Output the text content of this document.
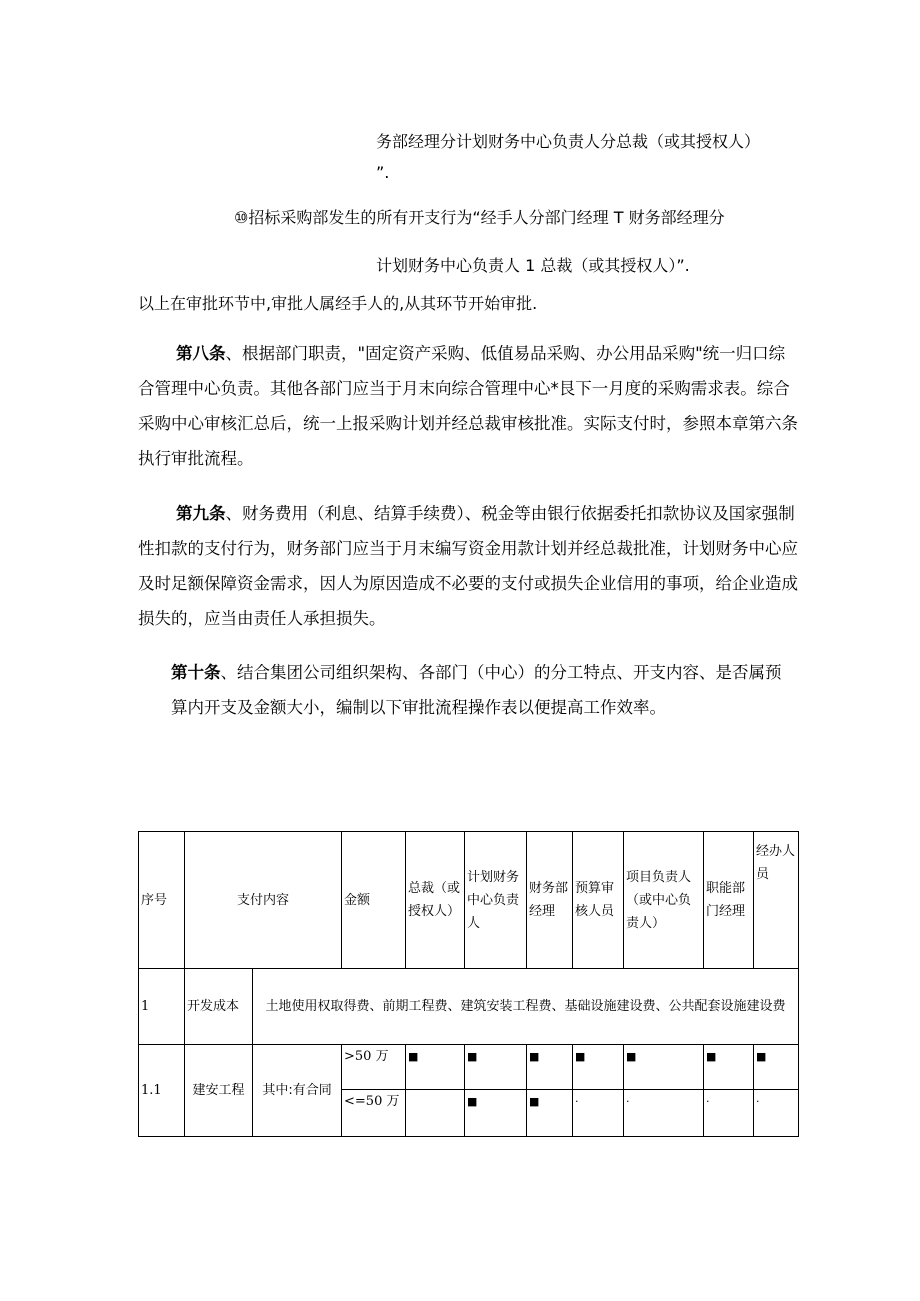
务部经理分计划财务中心负责人分总裁（或其授权人）
”.
⑩招标采购部发生的所有开支行为“经手人分部门经理 T 财务部经理分
计划财务中心负责人 1 总裁（或其授权人）”.
以上在审批环节中,审批人属经手人的,从其环节开始审批.
第八条、根据部门职责，"固定资产采购、低值易品采购、办公用品采购"统一归口综合管理中心负责。其他各部门应当于月末向综合管理中心*艮下一月度的采购需求表。综合采购中心审核汇总后，统一上报采购计划并经总裁审核批准。实际支付时，参照本章第六条执行审批流程。
第九条、财务费用（利息、结算手续费）、税金等由银行依据委托扣款协议及国家强制性扣款的支付行为，财务部门应当于月末编写资金用款计划并经总裁批准，计划财务中心应及时足额保障资金需求，因人为原因造成不必要的支付或损失企业信用的事项，给企业造成损失的，应当由责任人承担损失。
第十条、结合集团公司组织架构、各部门（中心）的分工特点、开支内容、是否属预算内开支及金额大小，编制以下审批流程操作表以便提高工作效率。
序号	支付内容		金额	总裁（或授权人）	计划财务中心负责人	财务部经理	预算审核人员	项目负责人（或中心负责人）	职能部门经理	经办人员
1	开发成本	土地使用权取得费、前期工程费、建筑安装工程费、基础设施建设费、公共配套设施建设费								
1.1	建安工程	其中:有合同	>50 万	■	■	■	■	■	■	■
			<=50 万		■	■	·	·	·	·
